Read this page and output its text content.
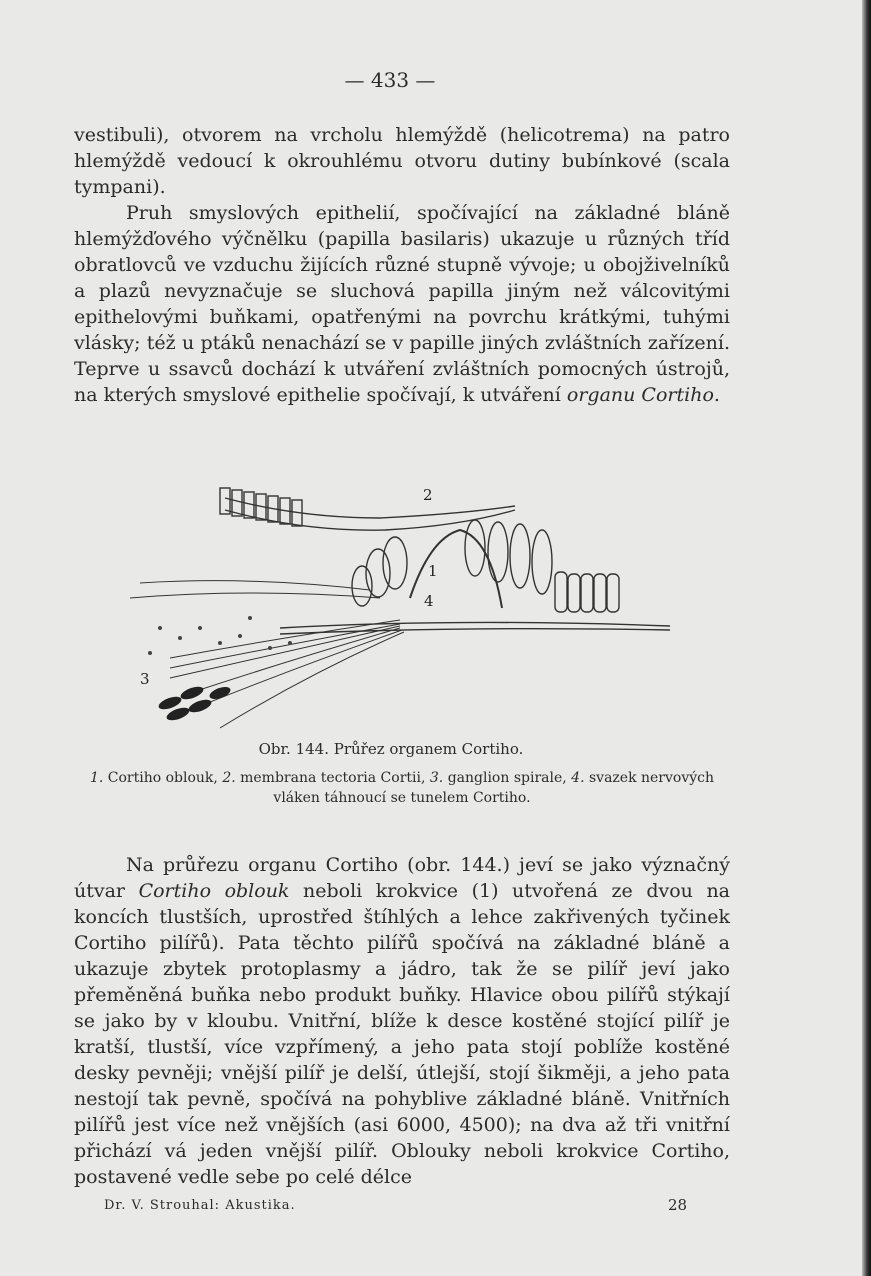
— 433 —

vestibuli), otvorem na vrcholu hlemýždě (helicotrema) na patro hlemýždě vedoucí k okrouhlému otvoru dutiny bubínkové (scala tympani).

Pruh smyslových epithelií, spočívající na základné bláně hlemýžďového výčnělku (papilla basilaris) ukazuje u různých tříd obratlovců ve vzduchu žijících různé stupně vývoje; u obojživelníků a plazů nevyznačuje se sluchová papilla jiným než válcovitými epithelovými buňkami, opatřenými na povrchu krátkými, tuhými vlásky; též u ptáků nenachází se v papille jiných zvláštních zařízení. Teprve u ssavců dochází k utváření zvláštních pomocných ústrojů, na kterých smyslové epithelie spočívají, k utváření organu Cortiho.

2
1
3
4
Obr. 144. Průřez organem Cortiho.
1. Cortiho oblouk, 2. membrana tectoria Cortii, 3. ganglion spirale, 4. svazek nervových vláken táhnoucí se tunelem Cortiho.

Na průřezu organu Cortiho (obr. 144.) jeví se jako význačný útvar Cortiho oblouk neboli krokvice (1) utvořená ze dvou na koncích tlustších, uprostřed štíhlých a lehce zakřivených tyčinek Cortiho pilířů). Pata těchto pilířů spočívá na základné bláně a ukazuje zbytek protoplasmy a jádro, tak že se pilíř jeví jako přeměněná buňka nebo produkt buňky. Hlavice obou pilířů stýkají se jako by v kloubu. Vnitřní, blíže k desce kostěné stojící pilíř je kratší, tlustší, více vzpřímený, a jeho pata stojí poblíže kostěné desky pevněji; vnější pilíř je delší, útlejší, stojí šikměji, a jeho pata nestojí tak pevně, spočívá na pohyblive základné bláně. Vnitřních pilířů jest více než vnějších (asi 6000, 4500); na dva až tři vnitřní přichází vá jeden vnější pilíř. Oblouky neboli krokvice Cortiho, postavené vedle sebe po celé délce

Dr. V. Strouhal: Akustika.	28
